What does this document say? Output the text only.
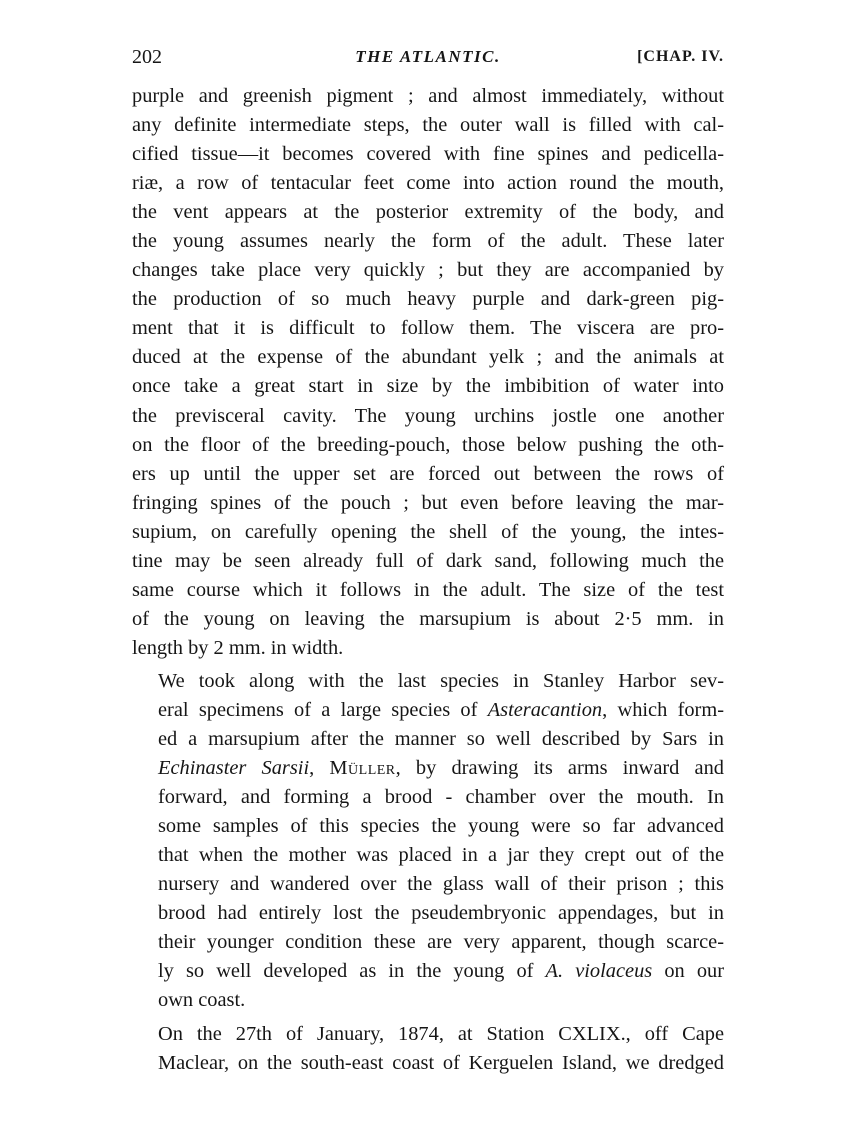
202	THE ATLANTIC.	[CHAP. IV.

purple and greenish pigment ; and almost immediately, without
any definite intermediate steps, the outer wall is filled with cal-
cified tissue—it becomes covered with fine spines and pedicella-
riæ, a row of tentacular feet come into action round the mouth,
the vent appears at the posterior extremity of the body, and
the young assumes nearly the form of the adult. These later
changes take place very quickly ; but they are accompanied by
the production of so much heavy purple and dark-green pig-
ment that it is difficult to follow them. The viscera are pro-
duced at the expense of the abundant yelk ; and the animals at
once take a great start in size by the imbibition of water into
the previsceral cavity. The young urchins jostle one another
on the floor of the breeding-pouch, those below pushing the oth-
ers up until the upper set are forced out between the rows of
fringing spines of the pouch ; but even before leaving the mar-
supium, on carefully opening the shell of the young, the intes-
tine may be seen already full of dark sand, following much the
same course which it follows in the adult. The size of the test
of the young on leaving the marsupium is about 2·5 mm. in
length by 2 mm. in width.

We took along with the last species in Stanley Harbor sev-
eral specimens of a large species of Asteracantion, which form-
ed a marsupium after the manner so well described by Sars in
Echinaster Sarsii, Müller, by drawing its arms inward and
forward, and forming a brood - chamber over the mouth. In
some samples of this species the young were so far advanced
that when the mother was placed in a jar they crept out of the
nursery and wandered over the glass wall of their prison ; this
brood had entirely lost the pseudembryonic appendages, but in
their younger condition these are very apparent, though scarce-
ly so well developed as in the young of A. violaceus on our
own coast.

On the 27th of January, 1874, at Station CXLIX., off Cape
Maclear, on the south-east coast of Kerguelen Island, we dredged
